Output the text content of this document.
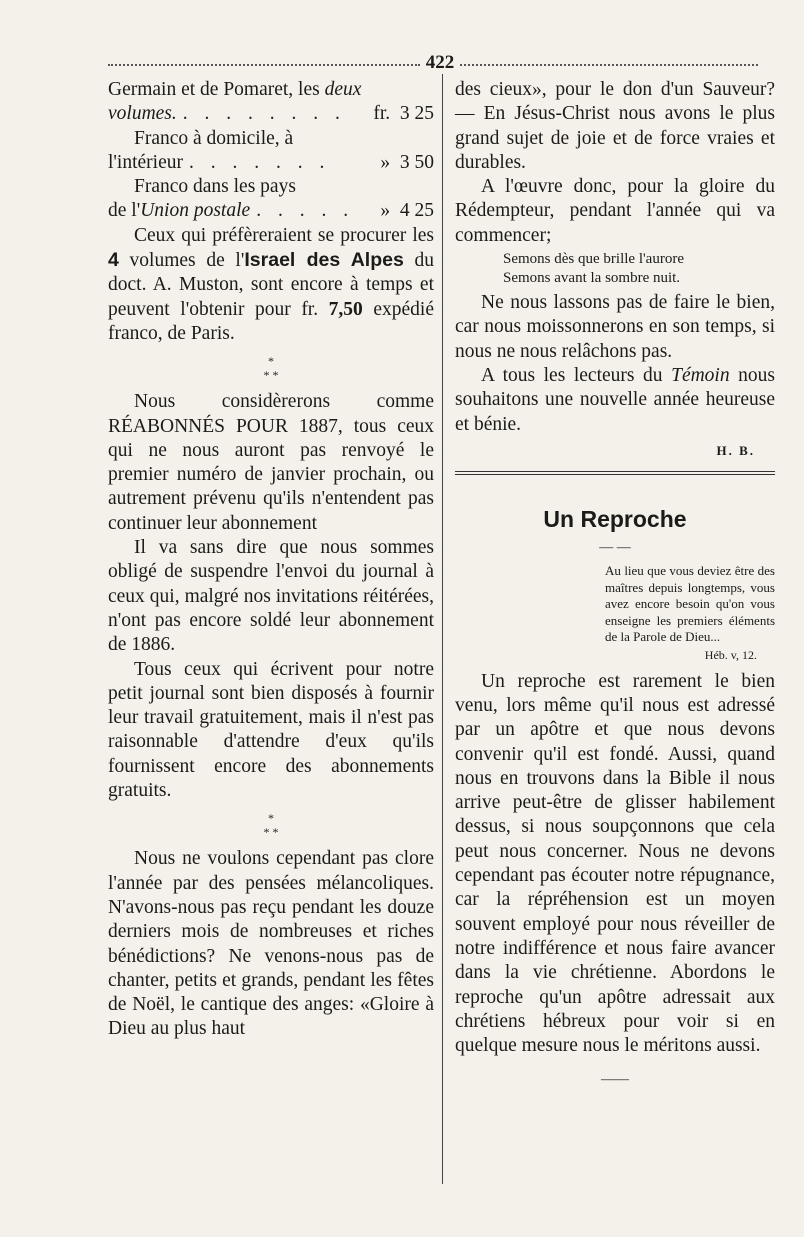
422

Germain et de Pomaret, les deux

volumes. . . . . . . . .	fr. 3 25
Franco à domicile, à
l'intérieur . . . . . . .	» 3 50
Franco dans les pays
de l'Union postale . . . . .	» 4 25

Ceux qui préfèreraient se procurer les 4 volumes de l'Israel des Alpes du doct. A. Muston, sont encore à temps et peuvent l'obtenir pour fr. 7,50 expédié franco, de Paris.

*
* *

Nous considèrerons comme RÉABONNÉS POUR 1887, tous ceux qui ne nous auront pas renvoyé le premier numéro de janvier prochain, ou autrement prévenu qu'ils n'entendent pas continuer leur abonnement

Il va sans dire que nous sommes obligé de suspendre l'envoi du journal à ceux qui, malgré nos invitations réitérées, n'ont pas encore soldé leur abonnement de 1886.

Tous ceux qui écrivent pour notre petit journal sont bien disposés à fournir leur travail gratuitement, mais il n'est pas raisonnable d'attendre d'eux qu'ils fournissent encore des abonnements gratuits.

*
* *

Nous ne voulons cependant pas clore l'année par des pensées mélancoliques. N'avons-nous pas reçu pendant les douze derniers mois de nombreuses et riches bénédictions? Ne venons-nous pas de chanter, petits et grands, pendant les fêtes de Noël, le cantique des anges: «Gloire à Dieu au plus haut

des cieux», pour le don d'un Sauveur? — En Jésus-Christ nous avons le plus grand sujet de joie et de force vraies et durables.

A l'œuvre donc, pour la gloire du Rédempteur, pendant l'année qui va commencer;

Semons dès que brille l'aurore
Semons avant la sombre nuit.

Ne nous lassons pas de faire le bien, car nous moissonnerons en son temps, si nous ne nous relâchons pas.

A tous les lecteurs du Témoin nous souhaitons une nouvelle année heureuse et bénie.

H. B.
Un Reproche
— —
Au lieu que vous deviez être des maîtres depuis longtemps, vous avez encore besoin qu'on vous enseigne les premiers éléments de la Parole de Dieu...
Héb. v, 12.

Un reproche est rarement le bien venu, lors même qu'il nous est adressé par un apôtre et que nous devons convenir qu'il est fondé. Aussi, quand nous en trouvons dans la Bible il nous arrive peut-être de glisser habilement dessus, si nous soupçonnons que cela peut nous concerner. Nous ne devons cependant pas écouter notre répugnance, car la répréhension est un moyen souvent employé pour nous réveiller de notre indifférence et nous faire avancer dans la vie chrétienne. Abordons le reproche qu'un apôtre adressait aux chrétiens hébreux pour voir si en quelque mesure nous le méritons aussi.

——
